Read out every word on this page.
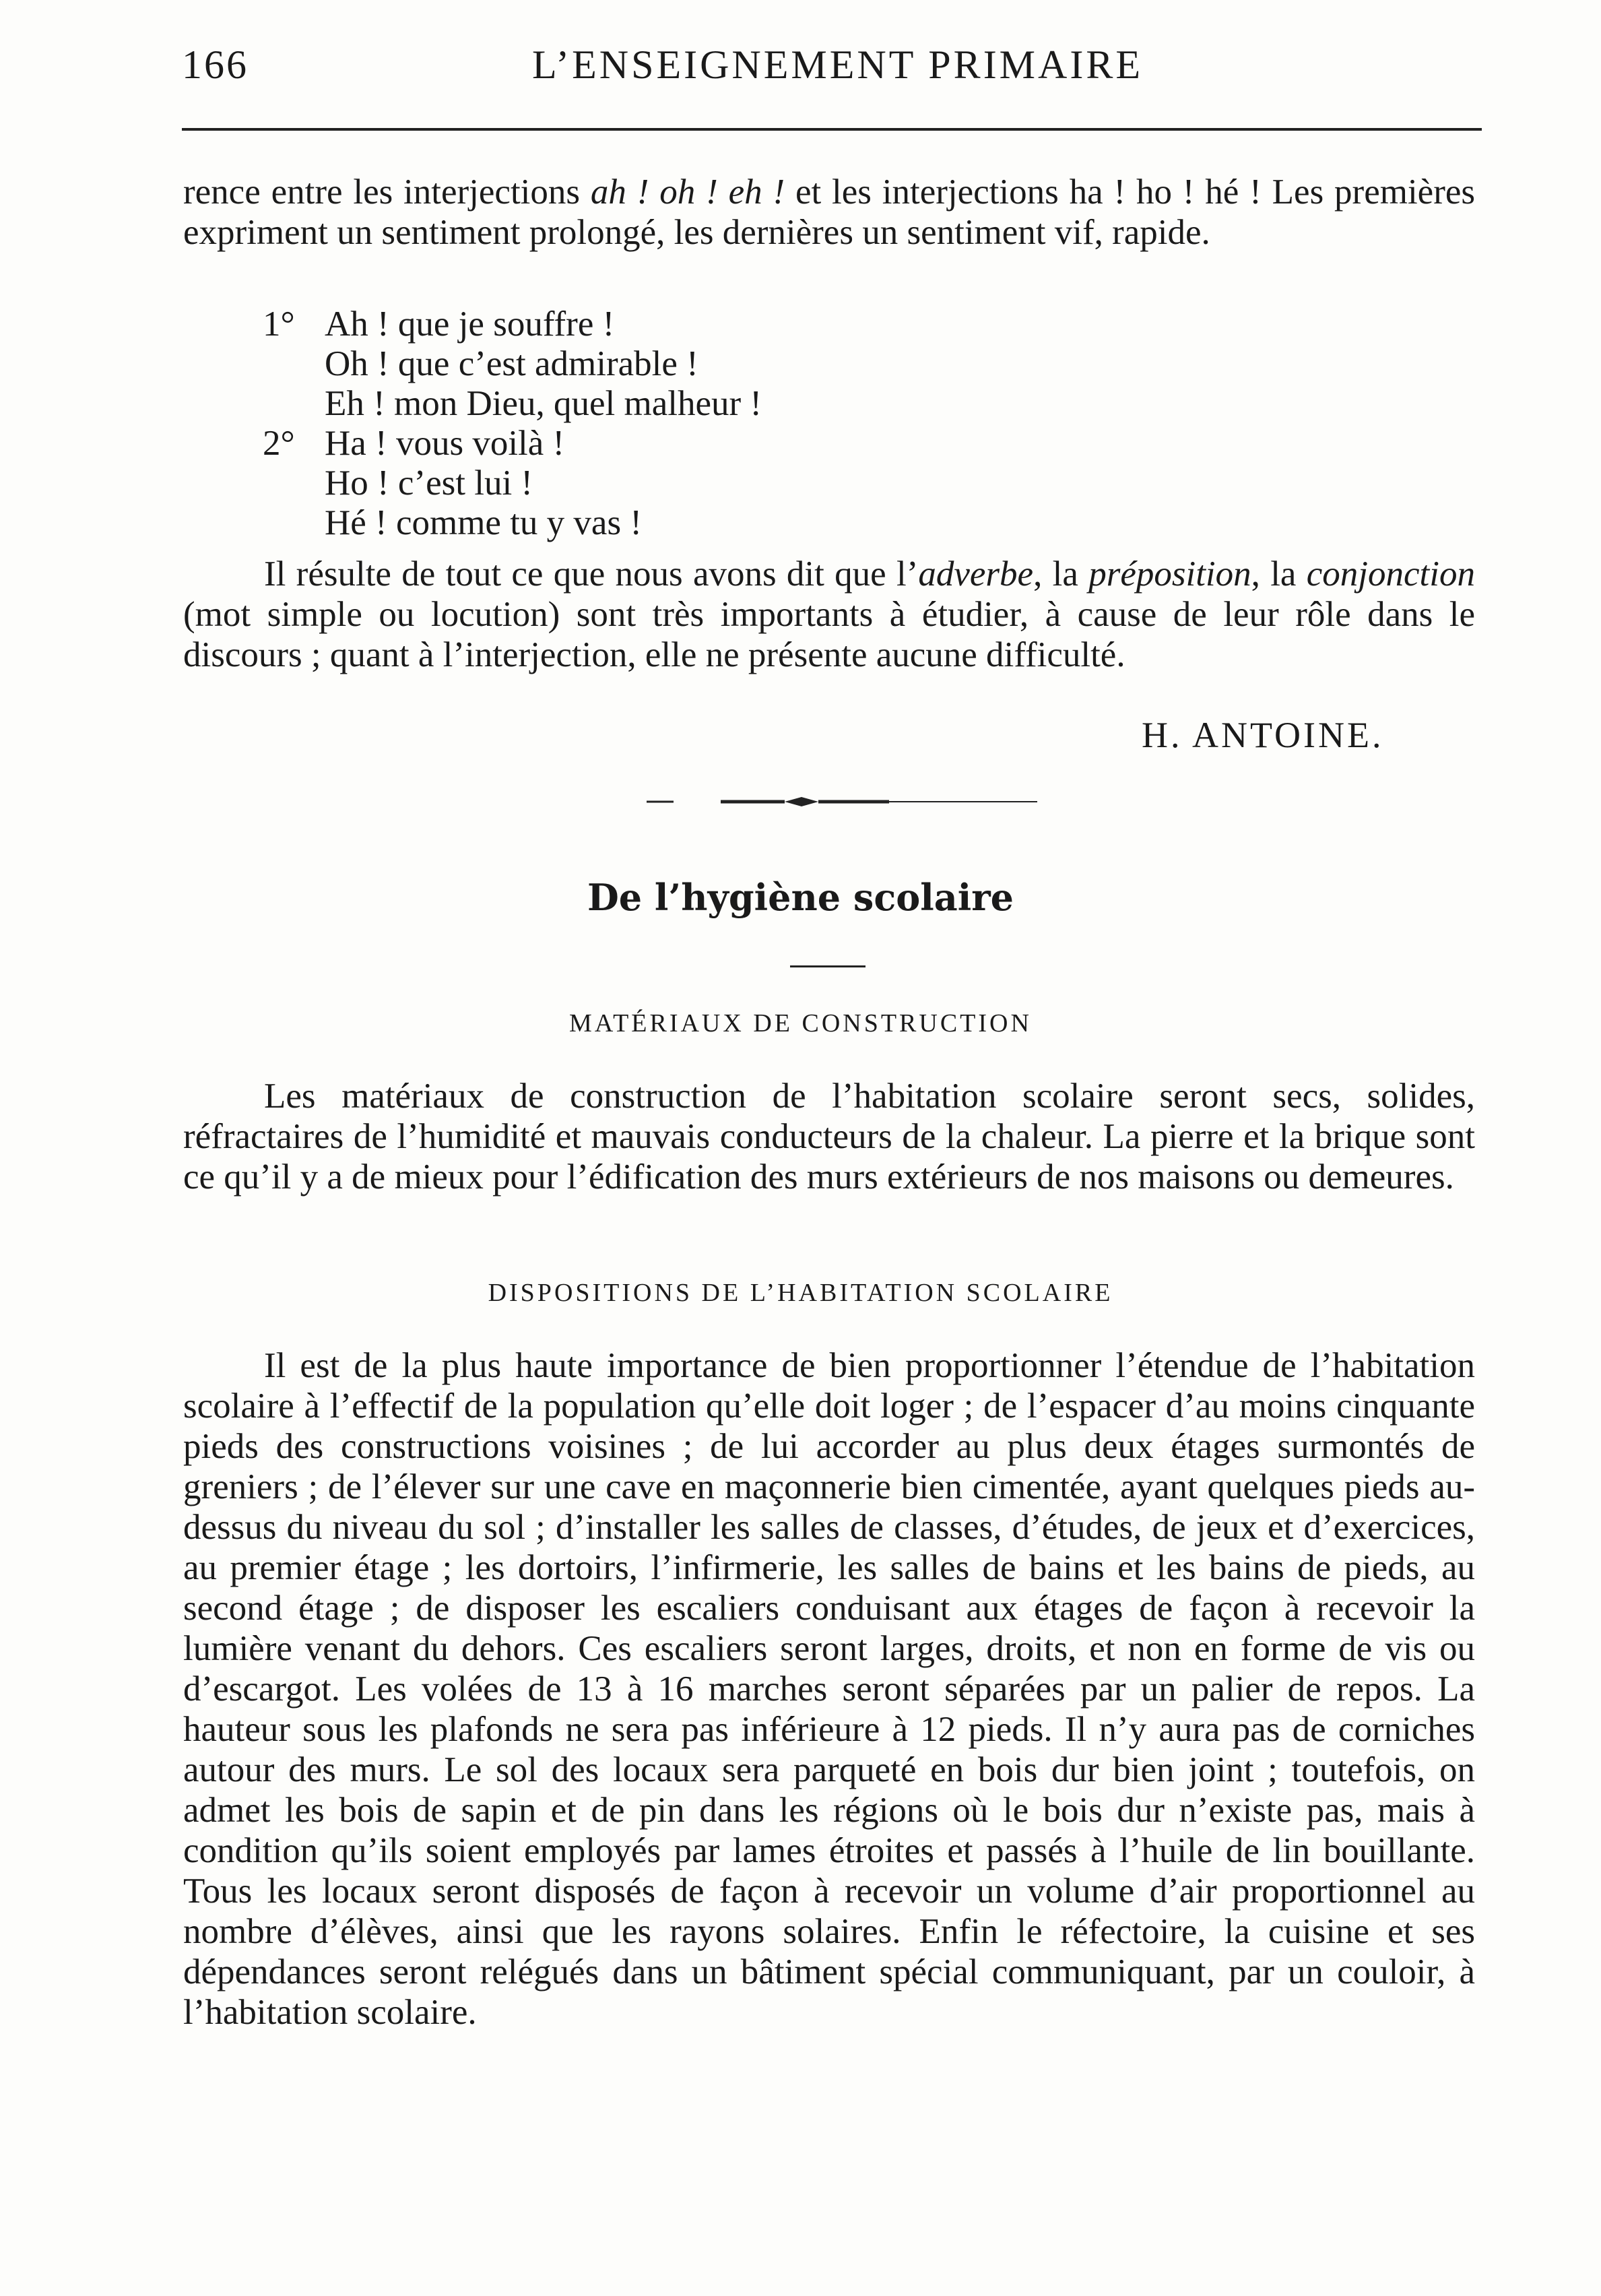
166	L’ENSEIGNEMENT PRIMAIRE

rence entre les interjections ah ! oh ! eh ! et les interjections ha ! ho ! hé ! Les premières expriment un sentiment prolongé, les dernières un sentiment vif, rapide.

1° Ah ! que je souffre !
Oh ! que c’est admirable !
Eh ! mon Dieu, quel malheur !
2° Ha ! vous voilà !
Ho ! c’est lui !
Hé ! comme tu y vas !

Il résulte de tout ce que nous avons dit que l’adverbe, la préposition, la conjonction (mot simple ou locution) sont très importants à étudier, à cause de leur rôle dans le discours ; quant à l’interjection, elle ne présente aucune difficulté.

H. ANTOINE.
De l’hygiène scolaire
MATÉRIAUX DE CONSTRUCTION

Les matériaux de construction de l’habitation scolaire seront secs, solides, réfractaires de l’humidité et mauvais conducteurs de la chaleur. La pierre et la brique sont ce qu’il y a de mieux pour l’édification des murs extérieurs de nos maisons ou demeures.

DISPOSITIONS DE L’HABITATION SCOLAIRE

Il est de la plus haute importance de bien proportionner l’étendue de l’habitation scolaire à l’effectif de la population qu’elle doit loger ; de l’espacer d’au moins cinquante pieds des constructions voisines ; de lui accorder au plus deux étages surmontés de greniers ; de l’élever sur une cave en maçonnerie bien cimentée, ayant quelques pieds au-dessus du niveau du sol ; d’installer les salles de classes, d’études, de jeux et d’exercices, au premier étage ; les dortoirs, l’infirmerie, les salles de bains et les bains de pieds, au second étage ; de disposer les escaliers conduisant aux étages de façon à recevoir la lumière venant du dehors. Ces escaliers seront larges, droits, et non en forme de vis ou d’escargot. Les volées de 13 à 16 marches seront séparées par un palier de repos. La hauteur sous les plafonds ne sera pas inférieure à 12 pieds. Il n’y aura pas de corniches autour des murs. Le sol des locaux sera parqueté en bois dur bien joint ; toutefois, on admet les bois de sapin et de pin dans les régions où le bois dur n’existe pas, mais à condition qu’ils soient employés par lames étroites et passés à l’huile de lin bouillante. Tous les locaux seront disposés de façon à recevoir un volume d’air proportionnel au nombre d’élèves, ainsi que les rayons solaires. Enfin le réfectoire, la cuisine et ses dépendances seront relégués dans un bâtiment spécial communiquant, par un couloir, à l’habitation scolaire.
